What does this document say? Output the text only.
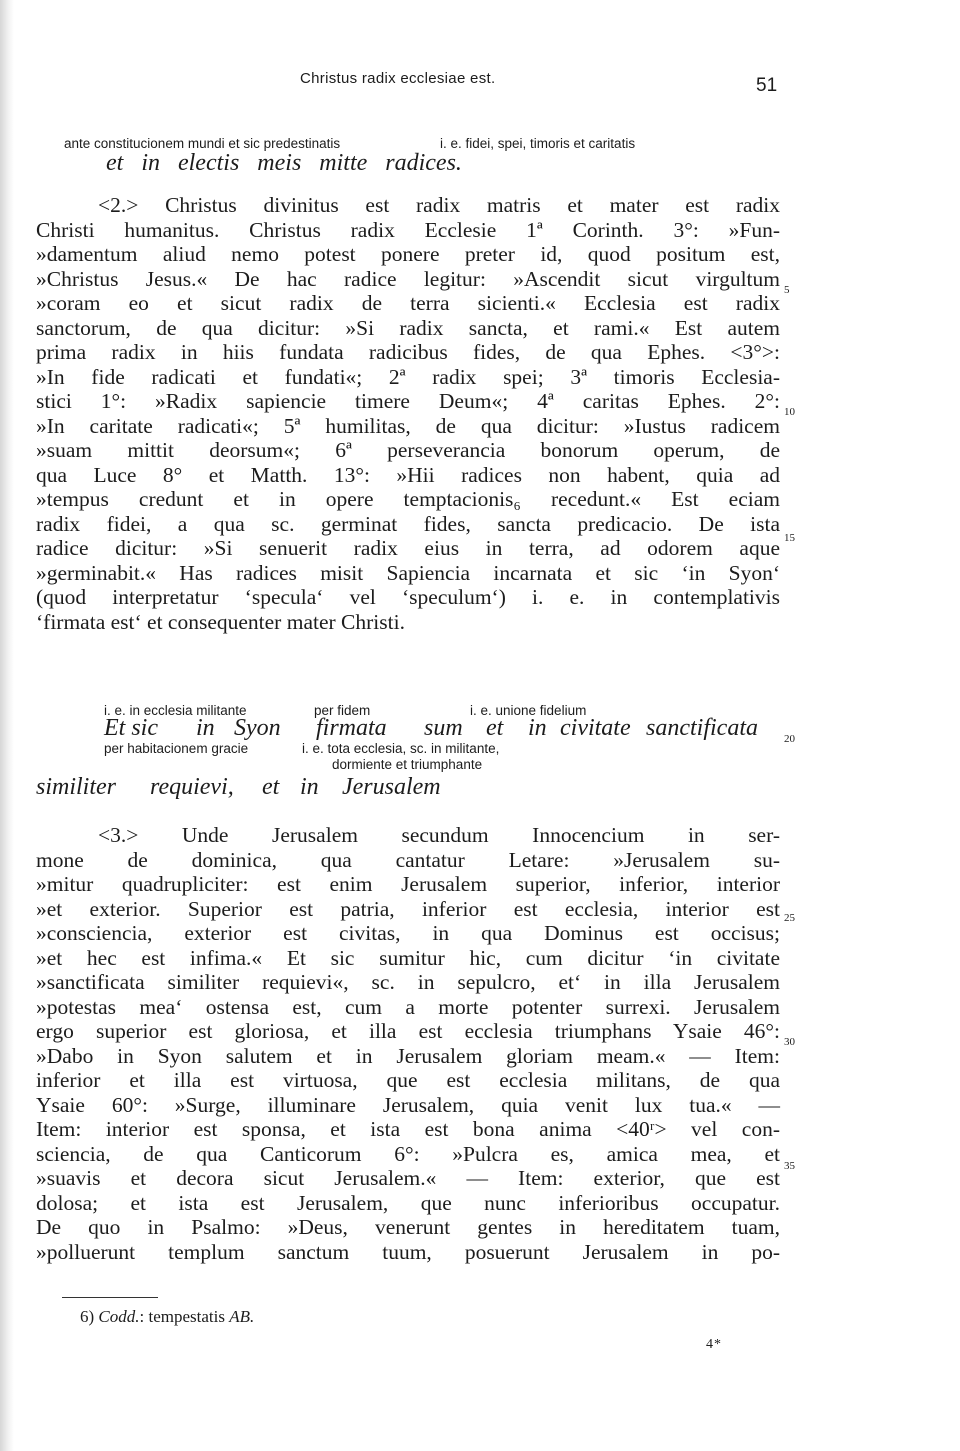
Christus radix ecclesiae est.	51
ante constitucionem mundi et sic predestinatis	i. e. fidei, spei, timoris et caritatis
et in electis meis mitte radices.
<2.> Christus divinitus est radix matris et mater est radix
Christi humanitus. Christus radix Ecclesie 1ª Corinth. 3°: »Fun-
»damentum aliud nemo potest ponere preter id, quod positum est,
»Christus Jesus.« De hac radice legitur: »Ascendit sicut virgultum
»coram eo et sicut radix de terra sicienti.« Ecclesia est radix
sanctorum, de qua dicitur: »Si radix sancta, et rami.« Est autem
prima radix in hiis fundata radicibus fides, de qua Ephes. <3°>:
»In fide radicati et fundati«; 2ª radix spei; 3ª timoris Ecclesia-
stici 1°: »Radix sapiencie timere Deum«; 4ª caritas Ephes. 2°:
»In caritate radicati«; 5ª humilitas, de qua dicitur: »Iustus radicem
»suam mittit deorsum«; 6ª perseverancia bonorum operum, de
qua Luce 8° et Matth. 13°: »Hii radices non habent, quia ad
»tempus credunt et in opere temptacionis₆ recedunt.« Est eciam
radix fidei, a qua sc. germinat fides, sancta predicacio. De ista
radice dicitur: »Si senuerit radix eius in terra, ad odorem aque
»germinabit.« Has radices misit Sapiencia incarnata et sic ‘in Syon‘
(quod interpretatur ‘specula‘ vel ‘speculum‘) i. e. in contemplativis
‘firmata est‘ et consequenter mater Christi.
5
10
15
i. e. in ecclesia militante	per fidem	i. e. unione fidelium
Et sic in Syon firmata sum et in civitate sanctificata 20
per habitacionem gracie	i. e. tota ecclesia, sc. in militante,
dormiente et triumphante
similiter requievi, et in Jerusalem
<3.> Unde Jerusalem secundum Innocencium in ser-
mone de dominica, qua cantatur Letare: »Jerusalem su-
»mitur quadrupliciter: est enim Jerusalem superior, inferior, interior
»et exterior. Superior est patria, inferior est ecclesia, interior est
»consciencia, exterior est civitas, in qua Dominus est occisus;
»et hec est infima.« Et sic sumitur hic, cum dicitur ‘in civitate
»sanctificata similiter requievi«, sc. in sepulcro, et‘ in illa Jerusalem
»potestas mea‘ ostensa est, cum a morte potenter surrexi. Jerusalem
ergo superior est gloriosa, et illa est ecclesia triumphans Ysaie 46°:
»Dabo in Syon salutem et in Jerusalem gloriam meam.« — Item:
inferior et illa est virtuosa, que est ecclesia militans, de qua
Ysaie 60°: »Surge, illuminare Jerusalem, quia venit lux tua.« —
Item: interior est sponsa, et ista est bona anima <40ʳ> vel con-
sciencia, de qua Canticorum 6°: »Pulcra es, amica mea, et
»suavis et decora sicut Jerusalem.« — Item: exterior, que est
dolosa; et ista est Jerusalem, que nunc inferioribus occupatur.
De quo in Psalmo: »Deus, venerunt gentes in hereditatem tuam,
»polluerunt templum sanctum tuum, posuerunt Jerusalem in po-
25
30
35
6) Codd.: tempestatis AB.
4*
